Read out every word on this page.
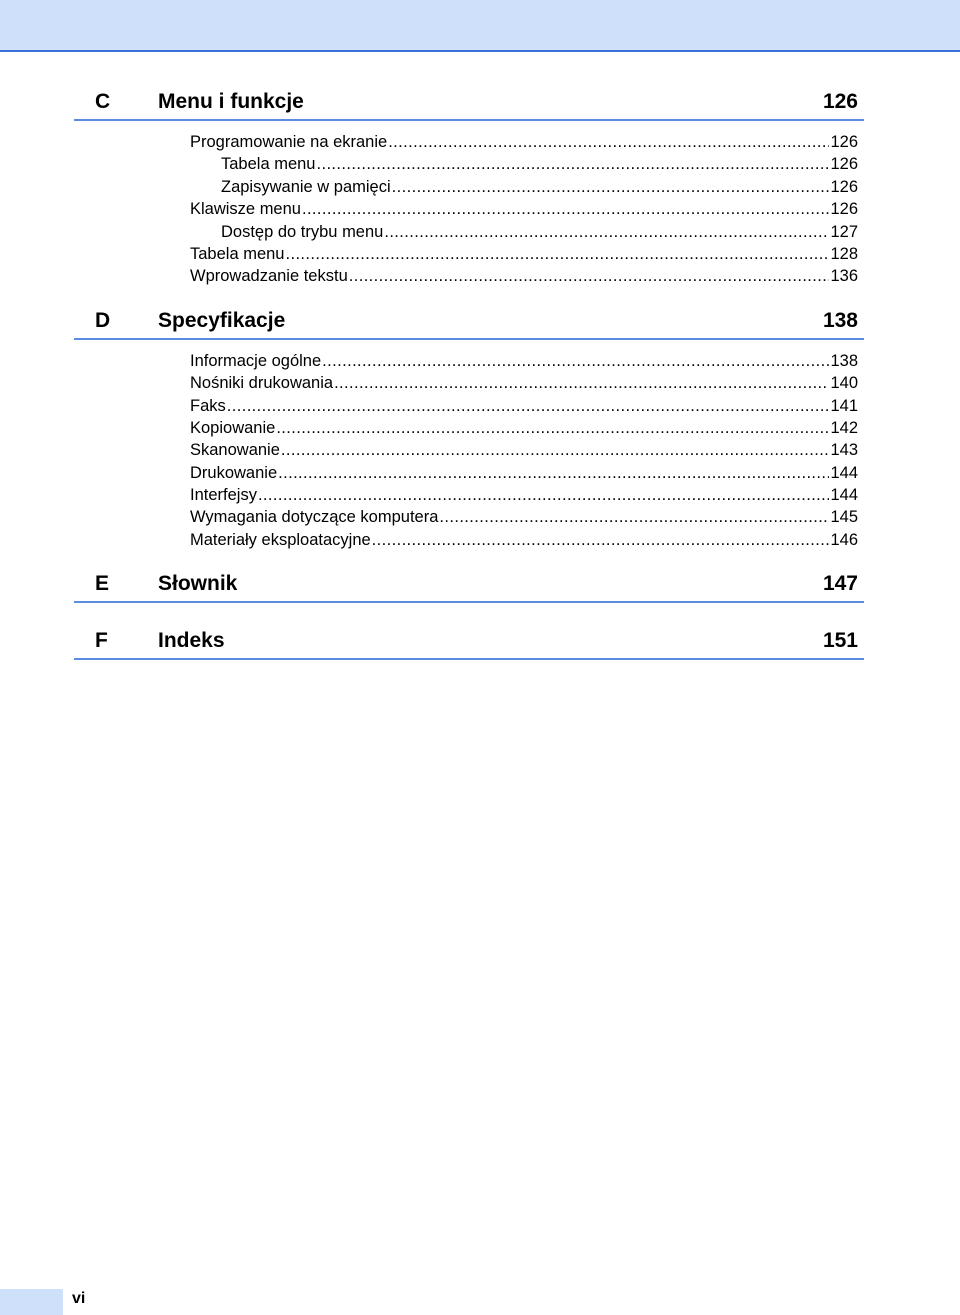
C Menu i funkcje	126
Programowanie na ekranie .....	126
Tabela menu .....	126
Zapisywanie w pamięci .....	126
Klawisze menu .....	126
Dostęp do trybu menu .....	127
Tabela menu .....	128
Wprowadzanie tekstu .....	136
D Specyfikacje	138
Informacje ogólne .....	138
Nośniki drukowania .....	140
Faks .....	141
Kopiowanie .....	142
Skanowanie .....	143
Drukowanie .....	144
Interfejsy .....	144
Wymagania dotyczące komputera .....	145
Materiały eksploatacyjne .....	146
E Słownik	147
F Indeks	151
vi
